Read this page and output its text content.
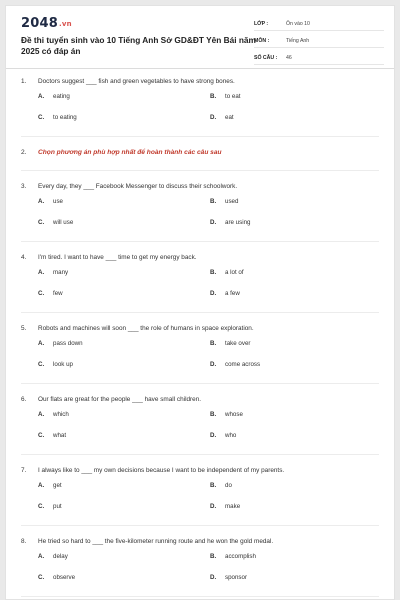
2048.vn
Đề thi tuyển sinh vào 10 Tiếng Anh Sở GD&ĐT Yên Bái năm 2025 có đáp án
LỚP :	Ôn vào 10
MÔN :	Tiếng Anh
SỐ CÂU :	46
1.	Doctors suggest ___ fish and green vegetables to have strong bones.
A.	eating	B.	to eat
C.	to eating	D.	eat
2.	Chọn phương án phù hợp nhất để hoàn thành các câu sau
3.	Every day, they ___ Facebook Messenger to discuss their schoolwork.
A.	use	B.	used
C.	will use	D.	are using
4.	I'm tired. I want to have ___ time to get my energy back.
A.	many	B.	a lot of
C.	few	D.	a few
5.	Robots and machines will soon ___ the role of humans in space exploration.
A.	pass down	B.	take over
C.	look up	D.	come across
6.	Our flats are great for the people ___ have small children.
A.	which	B.	whose
C.	what	D.	who
7.	I always like to ___ my own decisions because I want to be independent of my parents.
A.	get	B.	do
C.	put	D.	make
8.	He tried so hard to ___ the five-kilometer running route and he won the gold medal.
A.	delay	B.	accomplish
C.	observe	D.	sponsor
